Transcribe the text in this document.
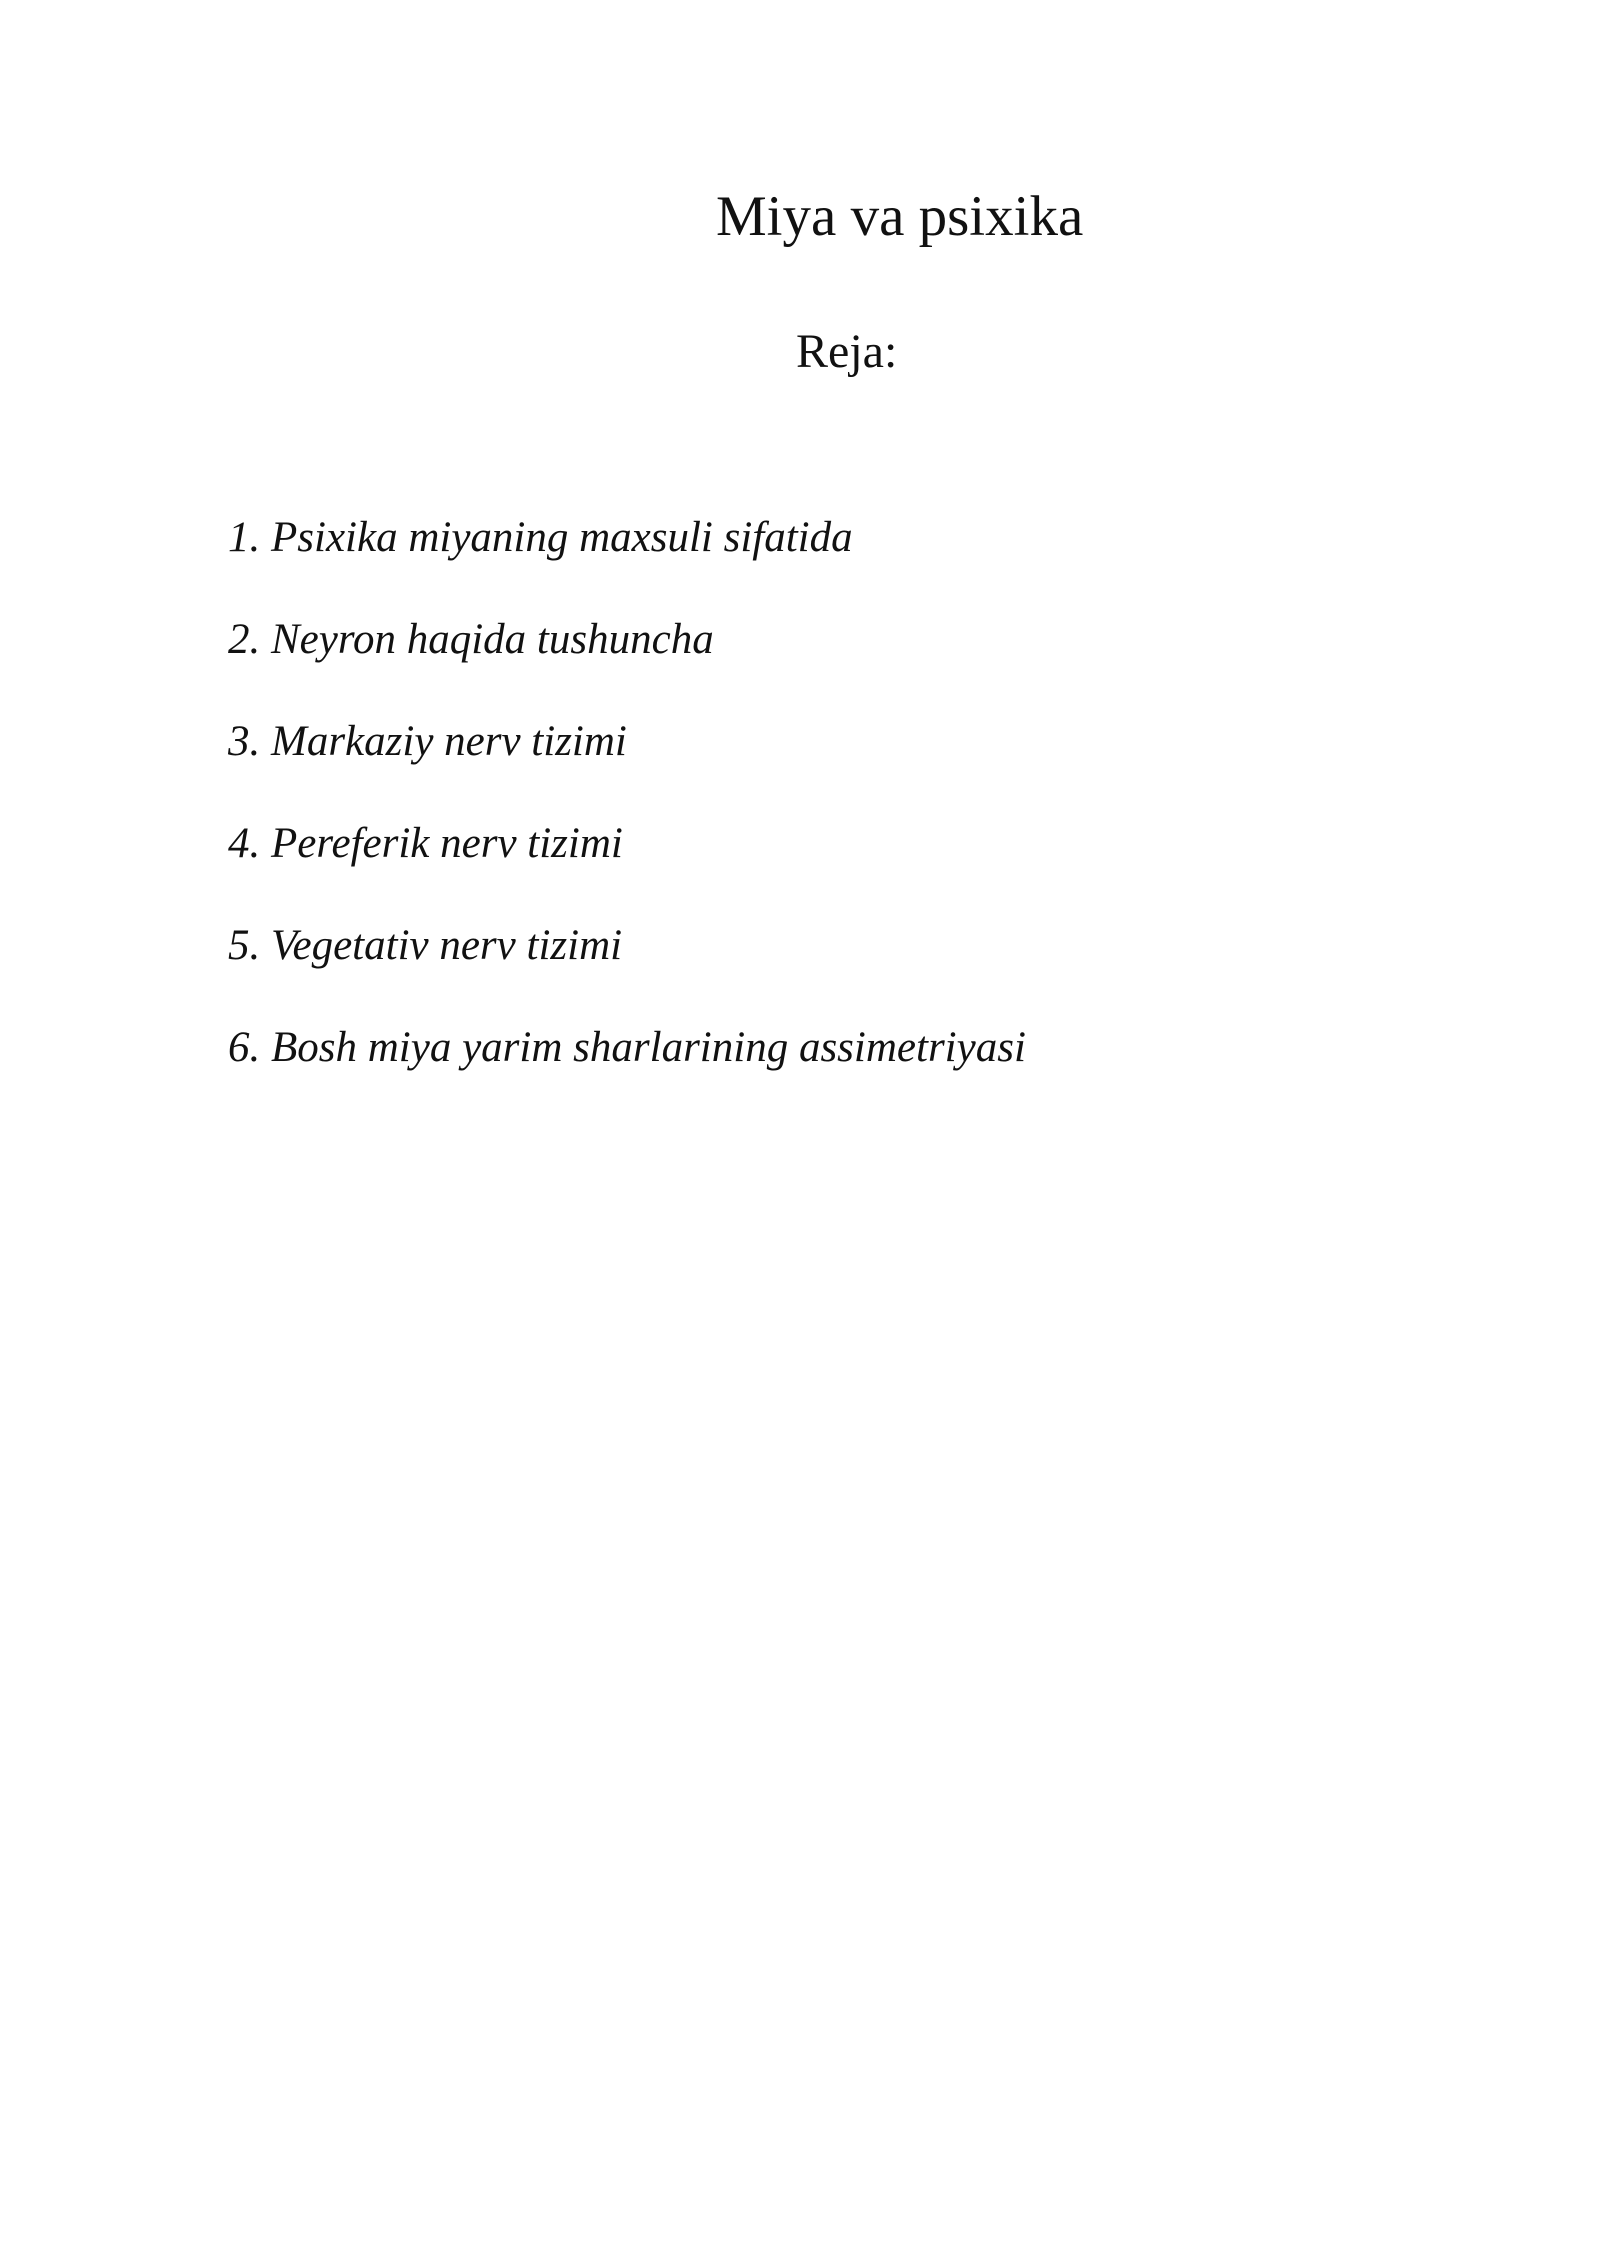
Miya va psixika
Reja:
1. Psixika miyaning maxsuli sifatida
2. Neyron haqida tushuncha
3. Markaziy nerv tizimi
4. Pereferik nerv tizimi
5. Vegetativ nerv tizimi
6. Bosh miya yarim sharlarining assimetriyasi
